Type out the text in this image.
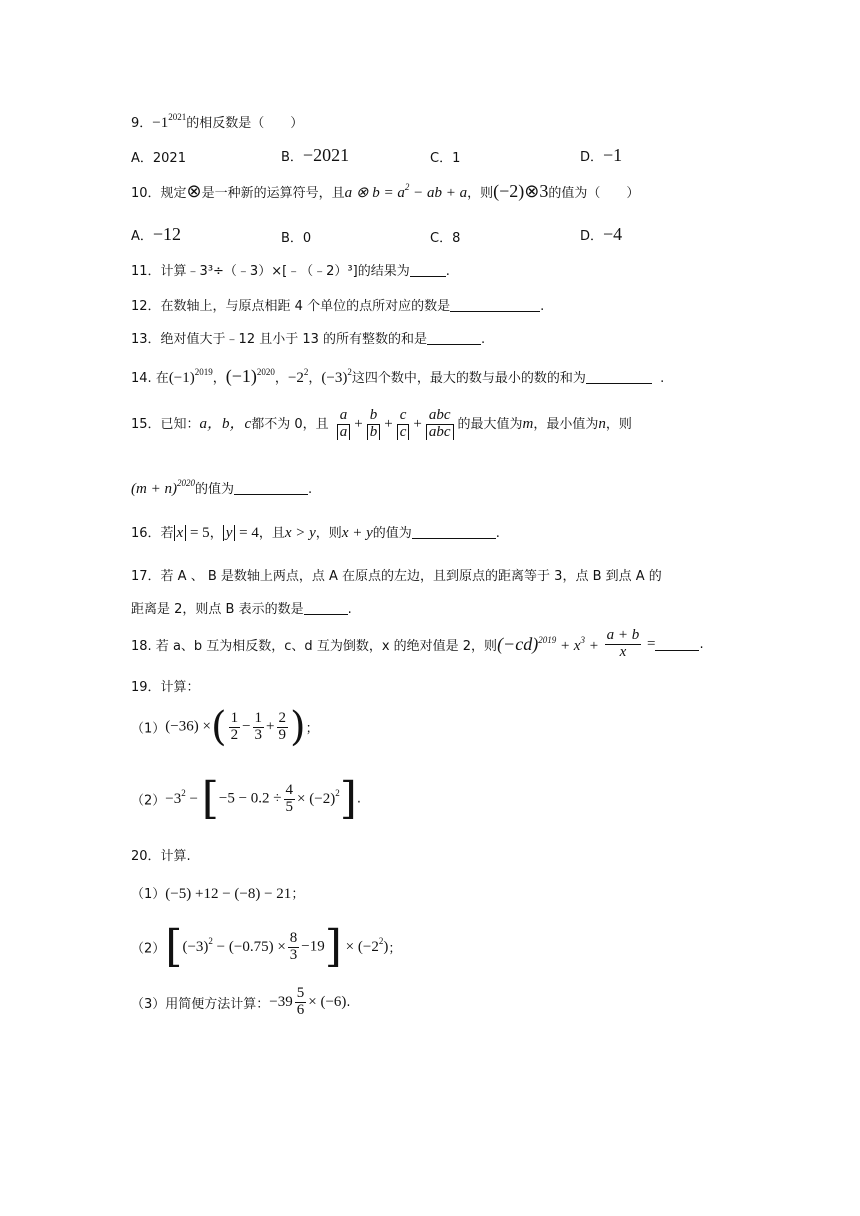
9．$-1^{2021}$的相反数是（　　）
A．2021	B．−2021	C．1	D．−1
10．规定⊗是一种新的运算符号，且a ⊗ $b = a^2$ − ab + a，则(−2)⊗3的值为（　　）
A．−12	B．0	C．8	D．−4
11．计算﹣3³÷（﹣3）×[﹣（﹣2）³]的结果为	.
12．在数轴上，与原点相距 4 个单位的点所对应的数是	.
13．绝对值大于﹣12 且小于 13 的所有整数的和是	.
14. 在$(-1)^{2019}$，$(-1)^{2020}$，$-2^2$，$(-3)^2$这四个数中，最大的数与最小的数的和为	.
15．已知：a，b，c都不为 0，且 $\frac{a}{a} + \frac{b}{b} + \frac{c}{c} + \frac{\text{abc}}{\text{abc}}$ 的最大值为m，最小值为n，则
$(m + n)^{2020}$的值为	.
16．若 x = 5， y = 4，且x > y，则x + y的值为	.
17．若 A 、 B 是数轴上两点，点 A 在原点的左边，且到原点的距离等于 3，点 B 到点 A 的
距离是 2，则点 B 表示的数是	.
18. 若 a、b 互为相反数，c、d 互为倒数，x 的绝对值是 2，则$(-cd)^{2019} + x^3 + \frac{a + b}{x}$ =	.
19．计算：
（1）(−36) ×( $\frac{1}{2} - \frac{1}{3} + \frac{2}{9}$ )；
$(2)-3^2 - [-5 - 0.2 \div \frac{4}{5} \times (-2)^2]$.
20．计算.
（1）(−5) +12 − (−8) − 21；
$(2)[(-3)^2 - (-0.75) \times \frac{8}{3} -19] \times (-2^2)$；
（3）用简便方法计算：$-39 \frac{5}{6} \times (-6)$.
